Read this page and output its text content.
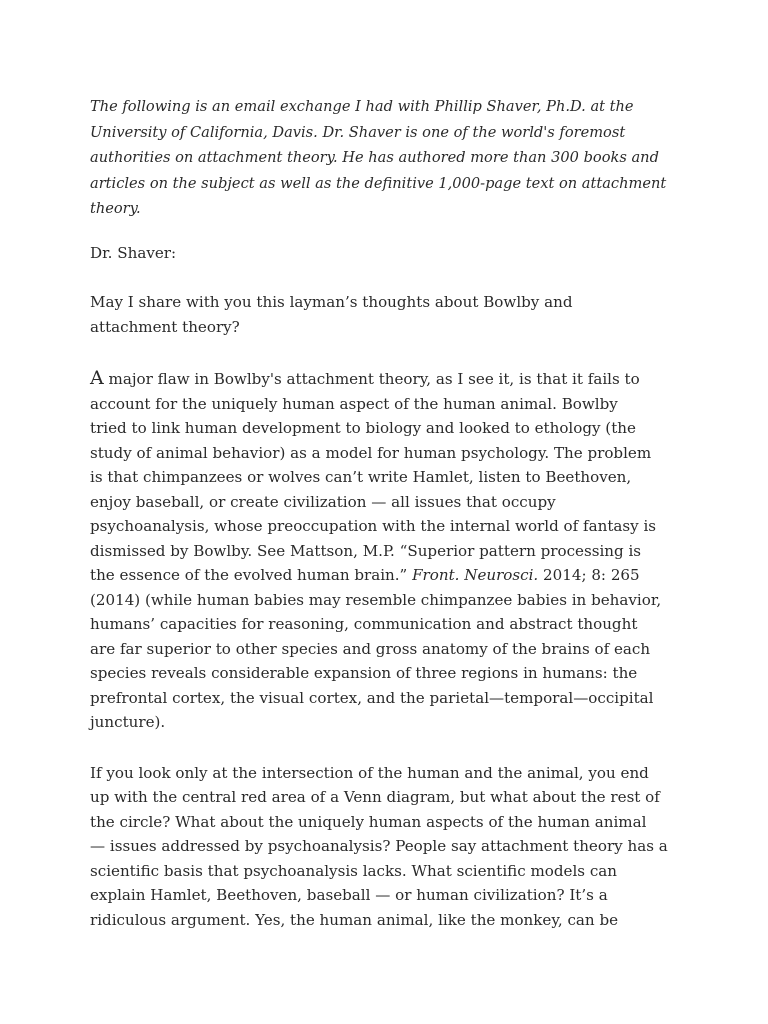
The following is an email exchange I had with Phillip Shaver, Ph.D. at the
University of California, Davis. Dr. Shaver is one of the world's foremost
authorities on attachment theory. He has authored more than 300 books and
articles on the subject as well as the definitive 1,000-page text on attachment
theory.
Dr. Shaver:
May I share with you this layman’s thoughts about Bowlby and
attachment theory?
A major flaw in Bowlby's attachment theory, as I see it, is that it fails to
account for the uniquely human aspect of the human animal. Bowlby
tried to link human development to biology and looked to ethology (the
study of animal behavior) as a model for human psychology. The problem
is that chimpanzees or wolves can’t write Hamlet, listen to Beethoven,
enjoy baseball, or create civilization — all issues that occupy
psychoanalysis, whose preoccupation with the internal world of fantasy is
dismissed by Bowlby. See Mattson, M.P. “Superior pattern processing is
the essence of the evolved human brain.” Front. Neurosci. 2014; 8: 265
(2014) (while human babies may resemble chimpanzee babies in behavior,
humans’ capacities for reasoning, communication and abstract thought
are far superior to other species and gross anatomy of the brains of each
species reveals considerable expansion of three regions in humans: the
prefrontal cortex, the visual cortex, and the parietal—temporal—occipital
juncture).
If you look only at the intersection of the human and the animal, you end
up with the central red area of a Venn diagram, but what about the rest of
the circle? What about the uniquely human aspects of the human animal
— issues addressed by psychoanalysis? People say attachment theory has a
scientific basis that psychoanalysis lacks. What scientific models can
explain Hamlet, Beethoven, baseball — or human civilization? It’s a
ridiculous argument. Yes, the human animal, like the monkey, can be
